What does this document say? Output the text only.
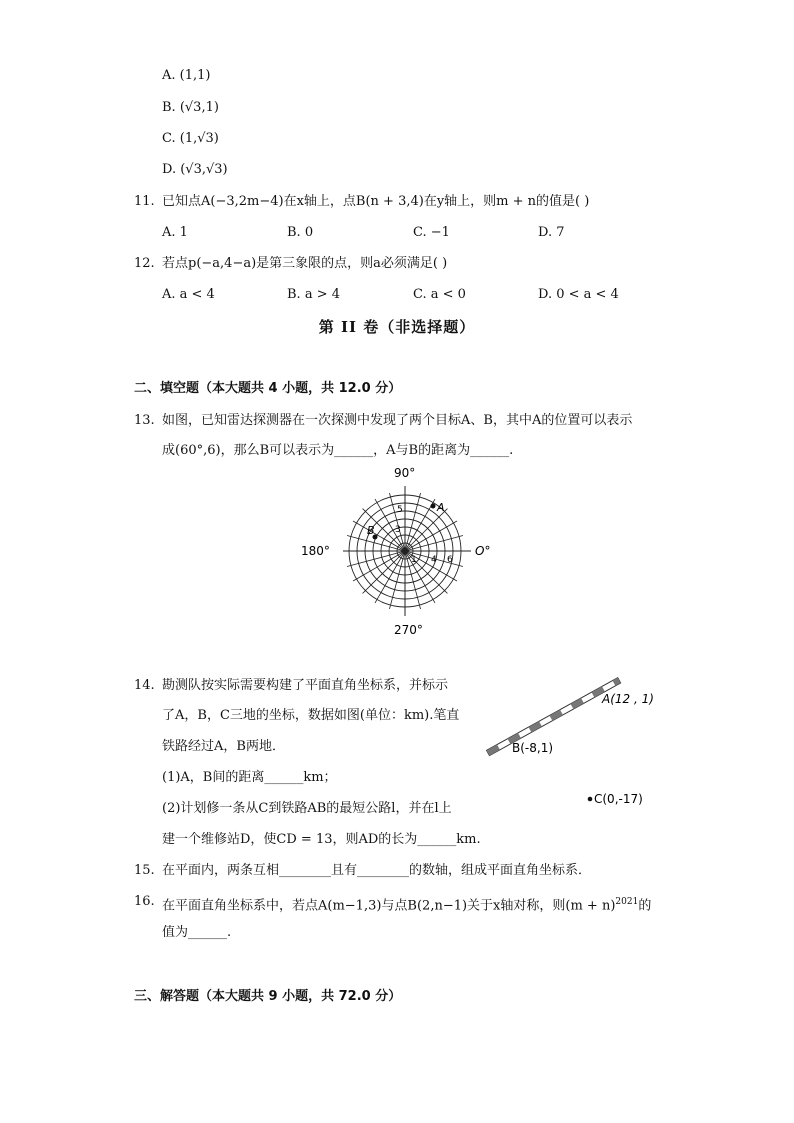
A. (1,1)
B. (√3,1)
C. (1,√3)
D. (√3,√3)
11. 已知点A(−3,2m−4)在x轴上，点B(n + 3,4)在y轴上，则m + n的值是( )
A. 1	B. 0	C. −1	D. 7
12. 若点p(−a,4−a)是第三象限的点，则a必须满足( )
A. a < 4	B. a > 4	C. a < 0	D. 0 < a < 4
第 II 卷（非选择题）
二、填空题（本大题共 4 小题，共 12.0 分）
13. 如图，已知雷达探测器在一次探测中发现了两个目标A、B，其中A的位置可以表示
成(60°,6)，那么B可以表示为______，A与B的距离为______.
90°
180°	O°
270°
1
3
5
4 6
A
B
14. 勘测队按实际需要构建了平面直角坐标系，并标示
了A，B，C三地的坐标，数据如图(单位：km).笔直
铁路经过A，B两地．
(1)A，B间的距离______km；
(2)计划修一条从C到铁路AB的最短公路l，并在l上
建一个维修站D，使CD = 13，则AD的长为______km.
A(12 , 1)
B(-8,1)
C(0,-17)
15. 在平面内，两条互相________且有________的数轴，组成平面直角坐标系．
16. 在平面直角坐标系中，若点A(m−1,3)与点B(2,n−1)关于x轴对称，则$(m + n)^{2021}$的
值为______.
三、解答题（本大题共 9 小题，共 72.0 分）
